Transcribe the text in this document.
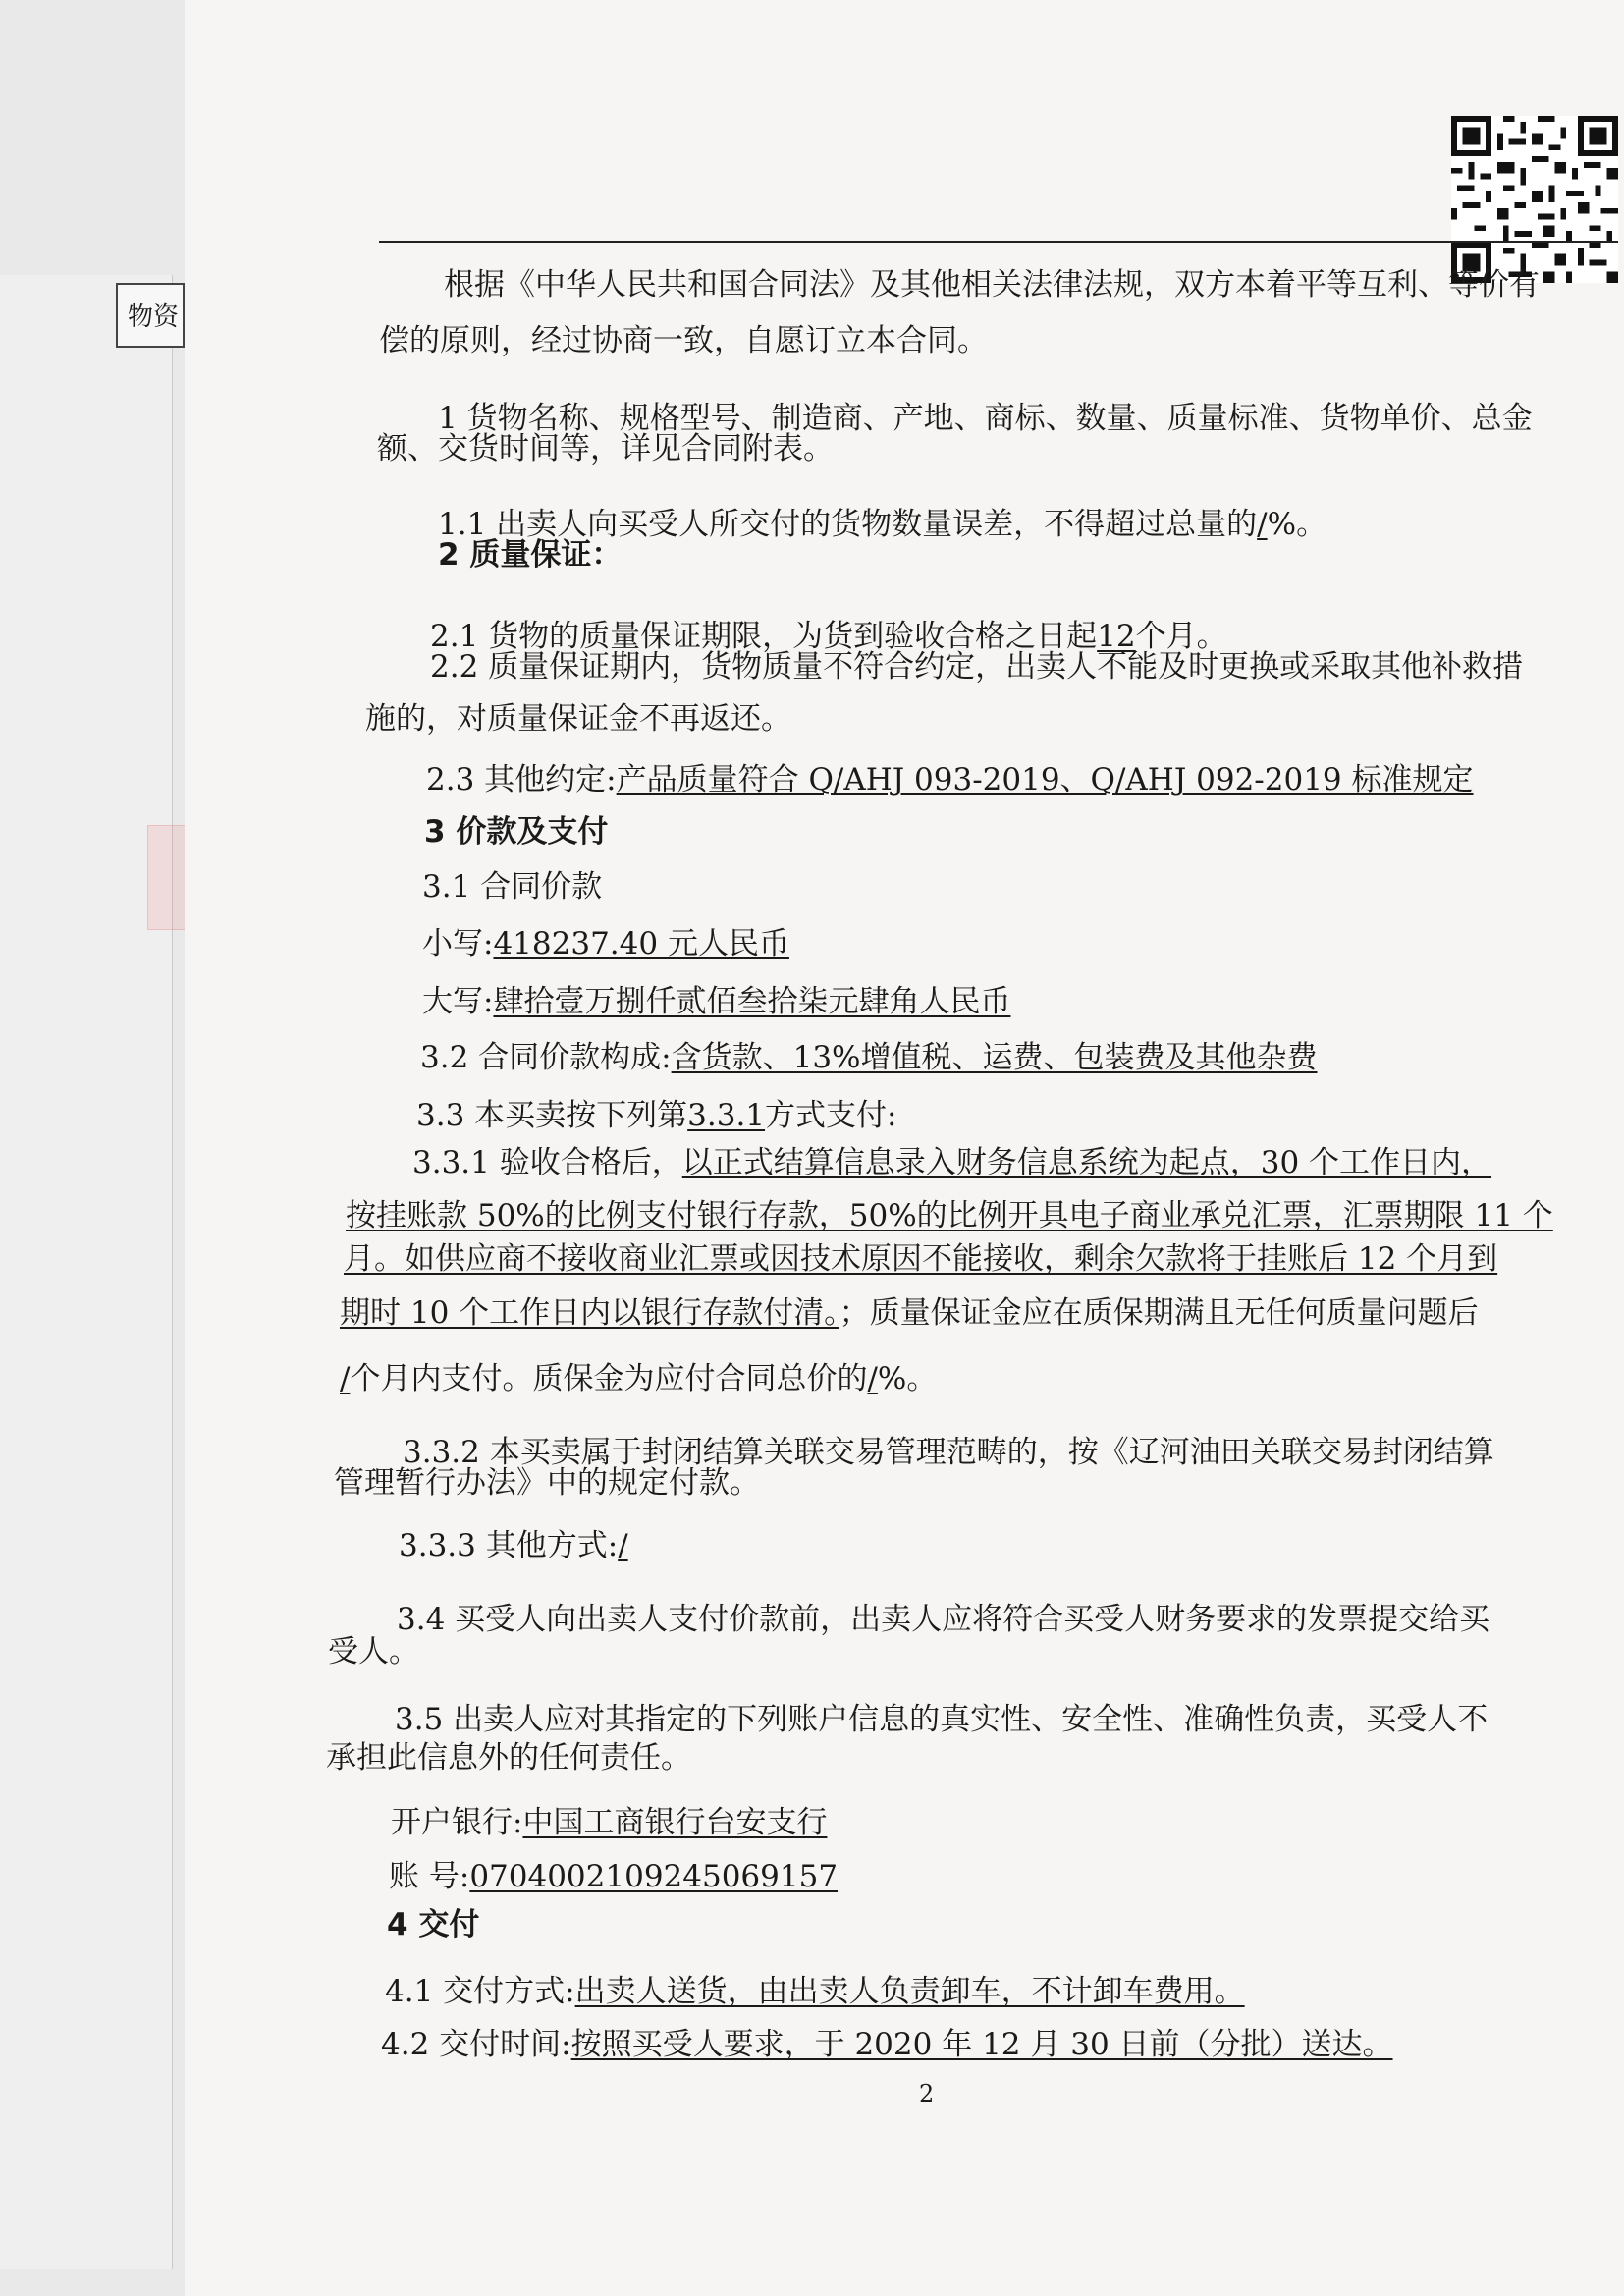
物资

根据《中华人民共和国合同法》及其他相关法律法规，双方本着平等互利、等价有

偿的原则，经过协商一致，自愿订立本合同。

1 货物名称、规格型号、制造商、产地、商标、数量、质量标准、货物单价、总金

额、交货时间等，详见合同附表。

1.1 出卖人向买受人所交付的货物数量误差，不得超过总量的/%。

2 质量保证：

2.1 货物的质量保证期限，为货到验收合格之日起12个月。

2.2 质量保证期内，货物质量不符合约定，出卖人不能及时更换或采取其他补救措

施的，对质量保证金不再返还。

2.3 其他约定:产品质量符合 Q/AHJ 093-2019、Q/AHJ 092-2019 标准规定

3 价款及支付

3.1 合同价款

小写:418237.40 元人民币

大写:肆拾壹万捌仟贰佰叁拾柒元肆角人民币

3.2 合同价款构成:含货款、13%增值税、运费、包装费及其他杂费

3.3 本买卖按下列第3.3.1方式支付:

3.3.1 验收合格后，以正式结算信息录入财务信息系统为起点，30 个工作日内，

按挂账款 50%的比例支付银行存款，50%的比例开具电子商业承兑汇票，汇票期限 11 个

月。如供应商不接收商业汇票或因技术原因不能接收，剩余欠款将于挂账后 12 个月到

期时 10 个工作日内以银行存款付清。；质量保证金应在质保期满且无任何质量问题后

/个月内支付。质保金为应付合同总价的/%。

3.3.2 本买卖属于封闭结算关联交易管理范畴的，按《辽河油田关联交易封闭结算

管理暂行办法》中的规定付款。

3.3.3 其他方式:/

3.4 买受人向出卖人支付价款前，出卖人应将符合买受人财务要求的发票提交给买

受人。

3.5 出卖人应对其指定的下列账户信息的真实性、安全性、准确性负责，买受人不

承担此信息外的任何责任。

开户银行:中国工商银行台安支行

账 号:0704002109245069157

4 交付

4.1 交付方式:出卖人送货，由出卖人负责卸车，不计卸车费用。

4.2 交付时间:按照买受人要求，于 2020 年 12 月 30 日前（分批）送达。

2
